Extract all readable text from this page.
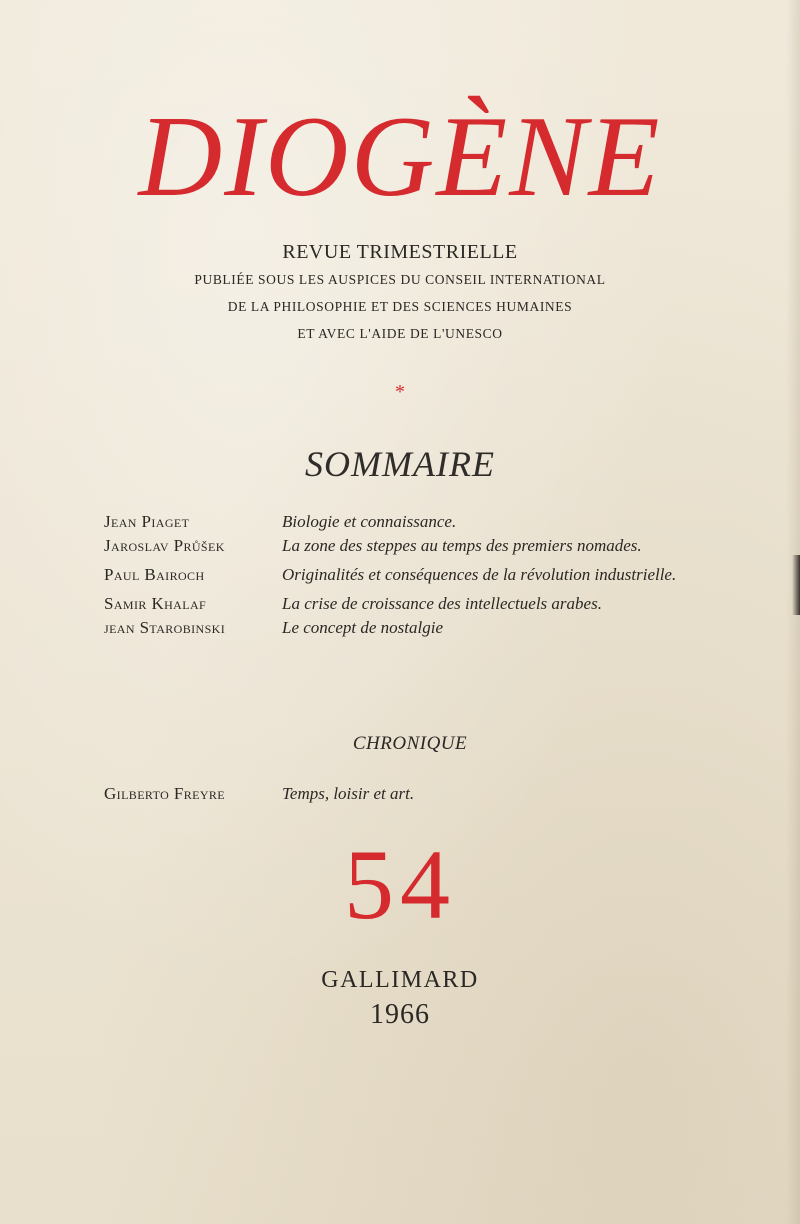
DIOGÈNE
REVUE TRIMESTRIELLE
PUBLIÉE SOUS LES AUSPICES DU CONSEIL INTERNATIONAL
DE LA PHILOSOPHIE ET DES SCIENCES HUMAINES
ET AVEC L'AIDE DE L'UNESCO
*
SOMMAIRE
Jean Piaget	Biologie et connaissance.
Jaroslav Průšek	La zone des steppes au temps des premiers nomades.
Paul Bairoch	Originalités et conséquences de la révolution industrielle.
Samir Khalaf	La crise de croissance des intellectuels arabes.
jean Starobinski	Le concept de nostalgie
CHRONIQUE
Gilberto Freyre	Temps, loisir et art.
54
GALLIMARD
1966
